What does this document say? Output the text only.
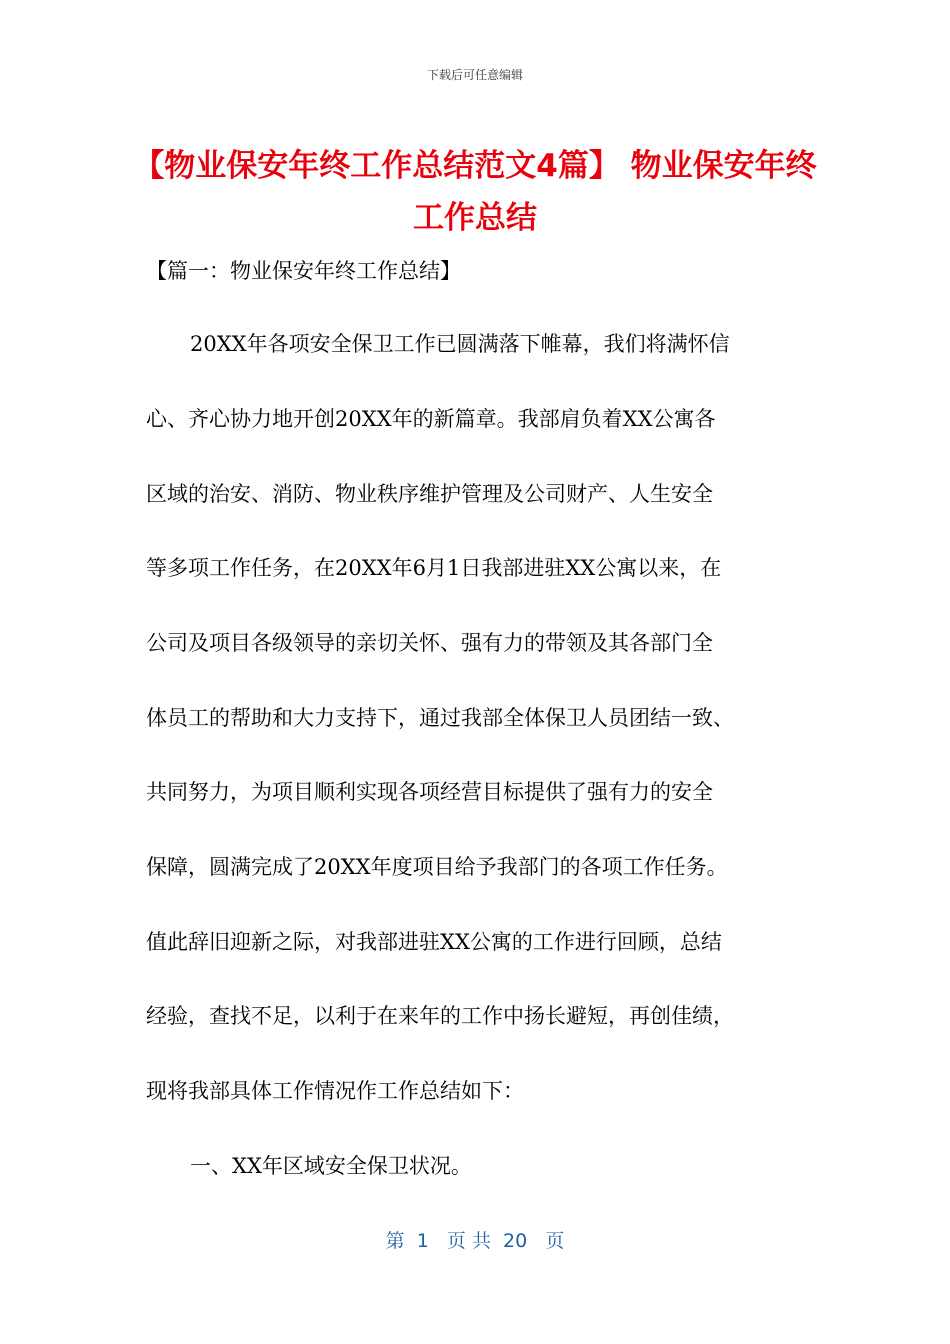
下载后可任意编辑
【物业保安年终工作总结范文4篇】 物业保安年终工作总结
【篇一：物业保安年终工作总结】
20XX年各项安全保卫工作已圆满落下帷幕，我们将满怀信
心、齐心协力地开创20XX年的新篇章。我部肩负着XX公寓各
区域的治安、消防、物业秩序维护管理及公司财产、人生安全
等多项工作任务，在20XX年6月1日我部进驻XX公寓以来，在
公司及项目各级领导的亲切关怀、强有力的带领及其各部门全
体员工的帮助和大力支持下，通过我部全体保卫人员团结一致、
共同努力，为项目顺利实现各项经营目标提供了强有力的安全
保障，圆满完成了20XX年度项目给予我部门的各项工作任务。
值此辞旧迎新之际，对我部进驻XX公寓的工作进行回顾，总结
经验，查找不足，以利于在来年的工作中扬长避短，再创佳绩，
现将我部具体工作情况作工作总结如下：
一、XX年区域安全保卫状况。
第  1   页 共  20   页
